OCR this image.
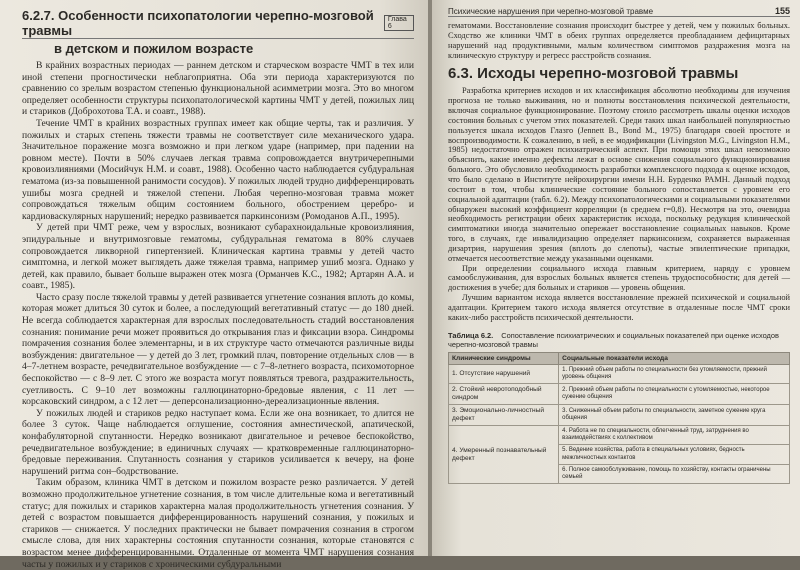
6.2.7. Особенности психопатологии черепно-мозговой травмы
Глава 6
в детском и пожилом возрасте

В крайних возрастных периодах — раннем детском и старческом возрасте ЧМТ в тех или иной степени прогностически неблагоприятна. Оба эти периода характеризуются по сравнению со зрелым возрастом степенью функциональной асимметрии мозга. Это во многом определяет особенности структуры психопатологической картины ЧМТ у детей, пожилых лиц и стариков (Доброхотова Т.А. и соавт., 1988).

Течение ЧМТ в крайних возрастных группах имеет как общие черты, так и различия. У пожилых и старых степень тяжести травмы не соответствует силе механического удара. Значительное поражение мозга возможно и при легком ударе (например, при падении на ровном месте). Почти в 50% случаев легкая травма сопровождается внутричерепными кровоизлияниями (Мосийчук Н.М. и соавт., 1988). Особенно часто наблюдается субдуральная гематома (из-за повышенной ранимости сосудов). У пожилых людей трудно дифференцировать ушибы мозга средней и тяжелой степени. Любая черепно-мозговая травма может сопровождаться тяжелым общим состоянием больного, обострением церебро- и кардиоваскулярных нарушений; нередко развивается паркинсонизм (Ромоданов А.П., 1995).

У детей при ЧМТ реже, чем у взрослых, возникают субарахноидальные кровоизлияния, эпидуральные и внутримозговые гематомы, субдуральная гематома в 80% случаев сопровождается ликворной гипертензией. Клиническая картина травмы у детей часто симптомна, и легкой может выглядеть даже тяжелая травма, например ушиб мозга. Однако у детей, как правило, бывает больше выражен отек мозга (Орманчев К.С., 1982; Артарян А.А. и соавт., 1985).

Часто сразу после тяжелой травмы у детей развивается угнетение сознания вплоть до комы, которая может длиться 30 суток и более, а последующий вегетативный статус — до 180 дней. Не всегда соблюдается характерная для взрослых последовательность стадий восстановления сознания: понимание речи может проявиться до открывания глаз и фиксации взора. Синдромы помрачения сознания более элементарны, и в их структуре часто отмечаются различные виды возбуждения: двигательное — у детей до 3 лет, громкий плач, повторение отдельных слов — в 4–7-летнем возрасте, речедвигательное возбуждение — с 7–8-летнего возраста, психомоторное беспокойство — с 8–9 лет. С этого же возраста могут появляться тревога, раздражительность, суетливость. С 9–10 лет возможны галлюцинаторно-бредовые явления, с 11 лет — корсаковский синдром, а с 12 лет — деперсонализационно-дереализационные явления.

У пожилых людей и стариков редко наступает кома. Если же она возникает, то длится не более 3 суток. Чаще наблюдается оглушение, состояния амнестической, апатической, конфабуляторной спутанности. Нередко возникают двигательное и речевое беспокойство, речедвигательное возбуждение; в единичных случаях — кратковременные галлюцинаторно-бредовые переживания. Спутанность сознания у стариков усиливается к вечеру, на фоне нарушений ритма сон–бодрствование.

Таким образом, клиника ЧМТ в детском и пожилом возрасте резко различается. У детей возможно продолжительное угнетение сознания, в том числе длительные кома и вегетативный статус; для пожилых и стариков характерна малая продолжительность угнетения сознания. У детей с возрастом повышается дифференцированность нарушений сознания, у пожилых и стариков — снижается. У последних практически не бывает помрачения сознания в строгом смысле слова, для них характерны состояния спутанности сознания, которые становятся с возрастом менее дифференцированными. Отдаленные от момента ЧМТ нарушения сознания часты у пожилых и у стариков с хроническими субдуральными

Психические нарушения при черепно-мозговой травме	155

гематомами. Восстановление сознания происходит быстрее у детей, чем у пожилых больных. Сходство же клиники ЧМТ в обеих группах определяется преобладанием дефицитарных нарушений над продуктивными, малым количеством симптомов раздражения мозга на клиническую структуру и регресс расстройств сознания.

6.3. Исходы черепно-мозговой травмы

Разработка критериев исходов и их классификация абсолютно необходимы для изучения прогноза не только выживания, но и полноты восстановления психической деятельности, включая социальное функционирование. Поэтому стоило рассмотреть шкалы оценки исходов состояния больных с учетом этих показателей. Среди таких шкал наибольшей популярностью пользуется шкала исходов Глазго (Jennett B., Bond M., 1975) благодаря своей простоте и воспроизводимости. К сожалению, в ней, в ее модификации (Livingston M.G., Livingston H.M., 1985) недостаточно отражен психиатрический аспект. При помощи этих шкал невозможно объяснить, какие именно дефекты лежат в основе снижения социального функционирования больного. Это обусловило необходимость разработки комплексного подхода к оценке исходов, что было сделано в Институте нейрохирургии имени Н.Н. Бурденко РАМН. Данный подход состоит в том, чтобы клинические состояние больного сопоставляется с уровнем его социальной адаптации (табл. 6.2). Между психопатологическими и социальными показателями обнаружен высокий коэффициент корреляции (в среднем r=0,8). Несмотря на это, очевидна необходимость регистрации обеих характеристик исхода, поскольку редукция клинической симптоматики иногда значительно опережает восстановление социальных навыков. Кроме того, в случаях, где инвалидизацию определяет паркинсонизм, сохраняется выраженная дизартрия, нарушения зрения (вплоть до слепоты), частые эпилептические припадки, отмечается несоответствие между указанными оценками.

При определении социального исхода главным критерием, наряду с уровнем самообслуживания, для взрослых больных является степень трудоспособности; для детей — достижения в учебе; для больных и стариков — уровень общения.

Лучшим вариантом исхода является восстановление прежней психической и социальной адаптации. Критерием такого исхода является отсутствие в отдаленные после ЧМТ сроки каких-либо расстройств психической деятельности.

Таблица 6.2. Сопоставление психиатрических и социальных показателей при оценке исходов черепно-мозговой травмы
Клинические синдромы	Социальные показатели исхода
1. Отсутствие нарушений	1. Прежний объем работы по специальности без утомляемости, прежний уровень общения
2. Стойкий невротоподобный синдром	2. Прежний объем работы по специальности с утомляемостью, некоторое сужение общения
3. Эмоционально-личностный дефект	3. Сниженный объем работы по специальности, заметное сужение круга общения
4. Умеренный познавательный дефект	4. Работа не по специальности, облегченный труд, затруднения во взаимодействиях с коллективом
	5. Ведение хозяйства, работа в специальных условиях, бедность межличностных контактов
	6. Полное самообслуживание, помощь по хозяйству, контакты ограничены семьей
